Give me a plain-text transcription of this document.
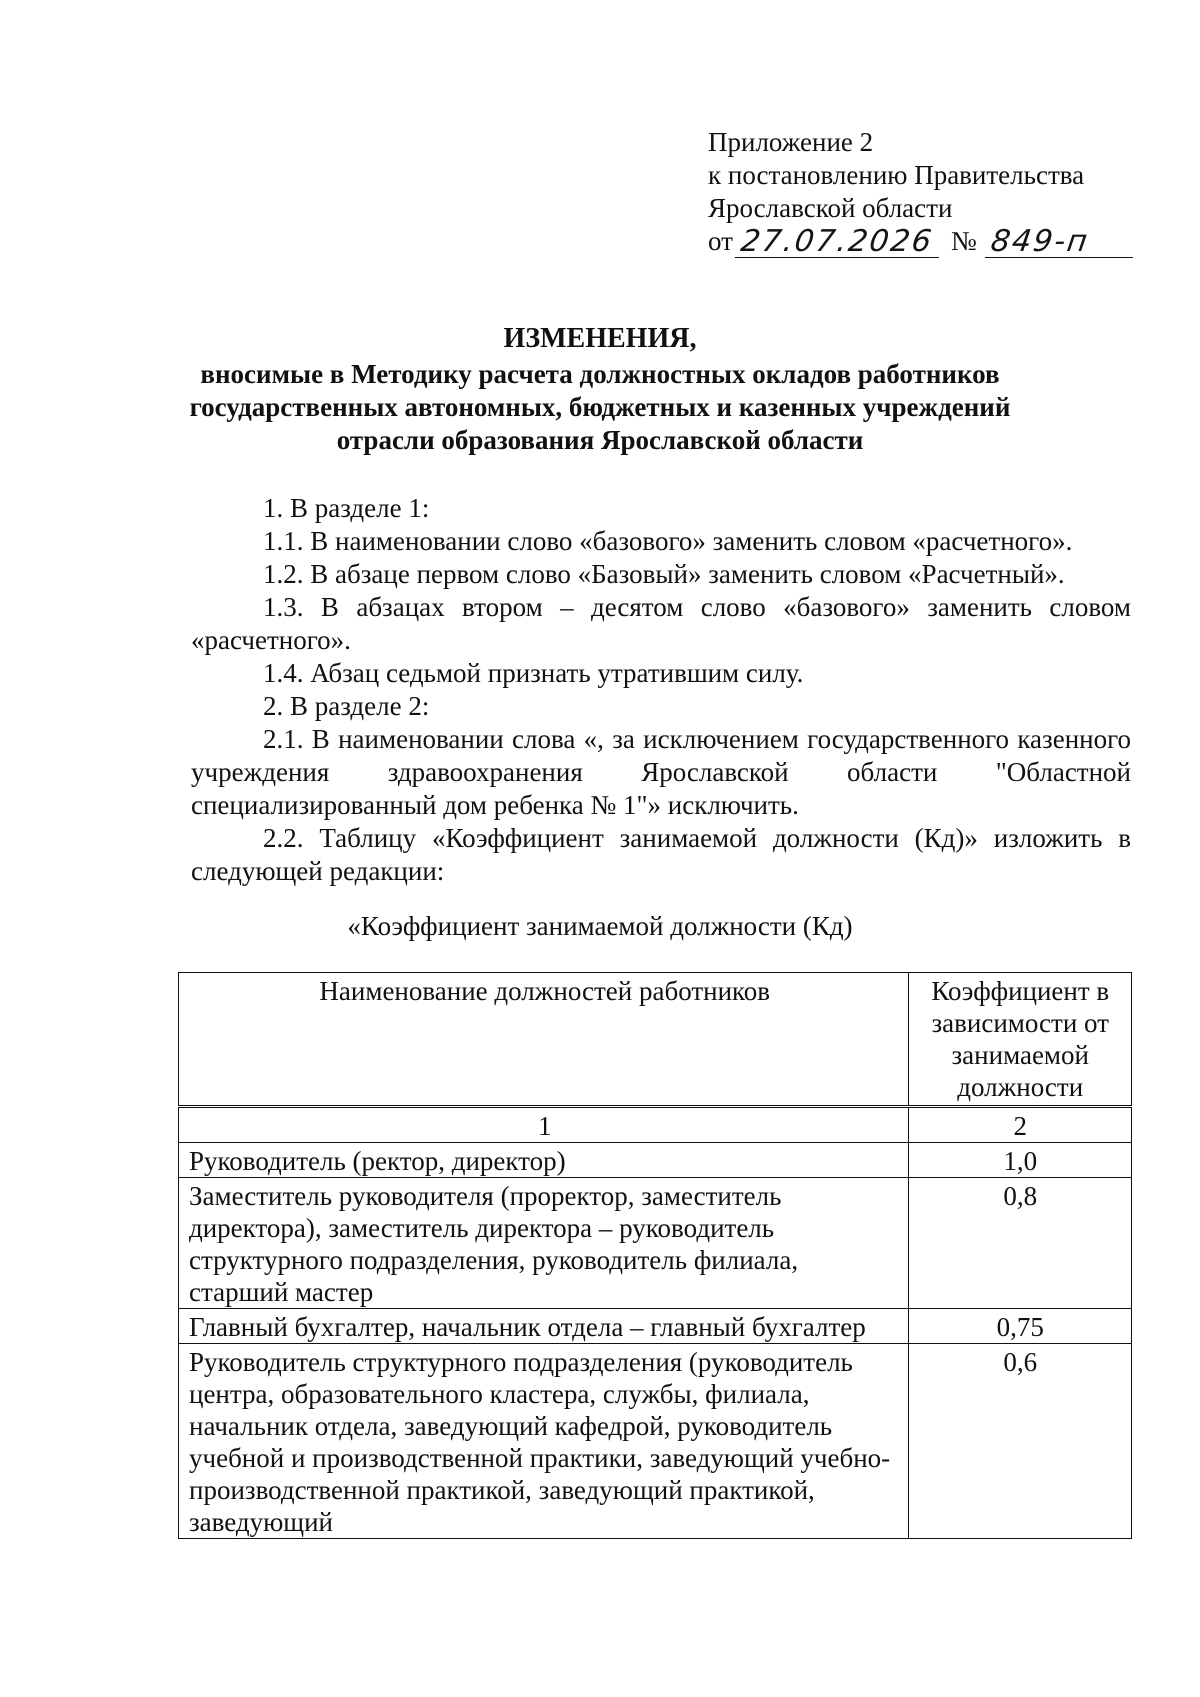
Приложение 2
к постановлению Правительства
Ярославской области
от 27.07.2026 № 849-п
ИЗМЕНЕНИЯ,
вносимые в Методику расчета должностных окладов работников
государственных автономных, бюджетных и казенных учреждений
отрасли образования Ярославской области

1. В разделе 1:

1.1. В наименовании слово «базового» заменить словом «расчетного».

1.2. В абзаце первом слово «Базовый» заменить словом «Расчетный».

1.3. В абзацах втором – десятом слово «базового» заменить словом «расчетного».

1.4. Абзац седьмой признать утратившим силу.

2. В разделе 2:

2.1. В наименовании слова «, за исключением государственного казенного учреждения здравоохранения Ярославской области "Областной специализированный дом ребенка № 1"» исключить.

2.2. Таблицу «Коэффициент занимаемой должности (Кд)» изложить в следующей редакции:

«Коэффициент занимаемой должности (Кд)
Наименование должностей работников	Коэффициент в зависимости от занимаемой должности
1	2
Руководитель (ректор, директор)	1,0
Заместитель руководителя (проректор, заместитель директора), заместитель директора – руководитель структурного подразделения, руководитель филиала, старший мастер	0,8
Главный бухгалтер, начальник отдела – главный бухгалтер	0,75
Руководитель структурного подразделения (руководитель центра, образовательного кластера, службы, филиала, начальник отдела, заведующий кафедрой, руководитель учебной и производственной практики, заведующий учебно-производственной практикой, заведующий практикой, заведующий	0,6
